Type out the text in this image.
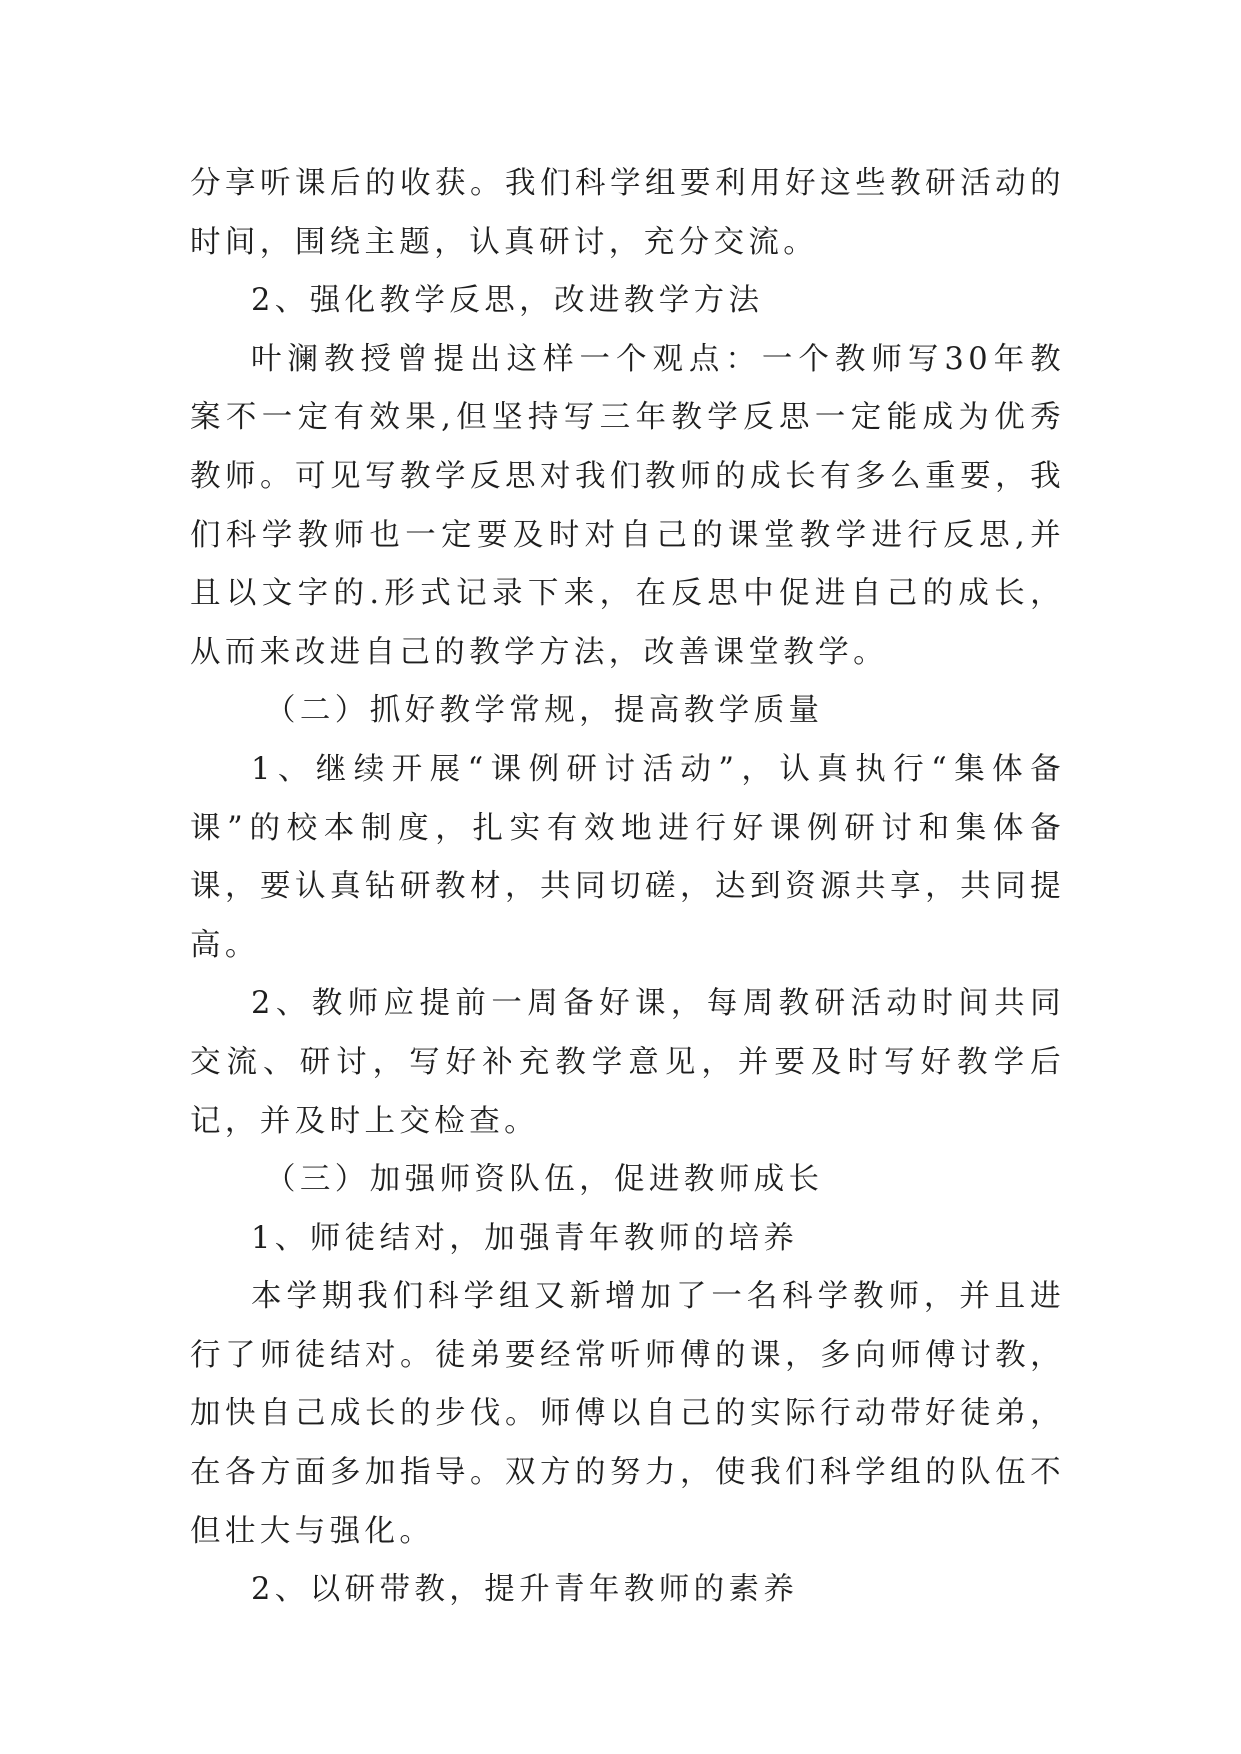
分享听课后的收获。我们科学组要利用好这些教研活动的时间，围绕主题，认真研讨，充分交流。

2、强化教学反思，改进教学方法

叶澜教授曾提出这样一个观点：一个教师写30年教案不一定有效果,但坚持写三年教学反思一定能成为优秀教师。可见写教学反思对我们教师的成长有多么重要，我们科学教师也一定要及时对自己的课堂教学进行反思,并且以文字的.形式记录下来，在反思中促进自己的成长，从而来改进自己的教学方法，改善课堂教学。

（二）抓好教学常规，提高教学质量

1、继续开展“课例研讨活动”，认真执行“集体备课”的校本制度，扎实有效地进行好课例研讨和集体备课，要认真钻研教材，共同切磋，达到资源共享，共同提高。

2、教师应提前一周备好课，每周教研活动时间共同交流、研讨，写好补充教学意见，并要及时写好教学后记，并及时上交检查。

（三）加强师资队伍，促进教师成长

1、师徒结对，加强青年教师的培养

本学期我们科学组又新增加了一名科学教师，并且进行了师徒结对。徒弟要经常听师傅的课，多向师傅讨教，加快自己成长的步伐。师傅以自己的实际行动带好徒弟，在各方面多加指导。双方的努力，使我们科学组的队伍不但壮大与强化。

2、以研带教，提升青年教师的素养
